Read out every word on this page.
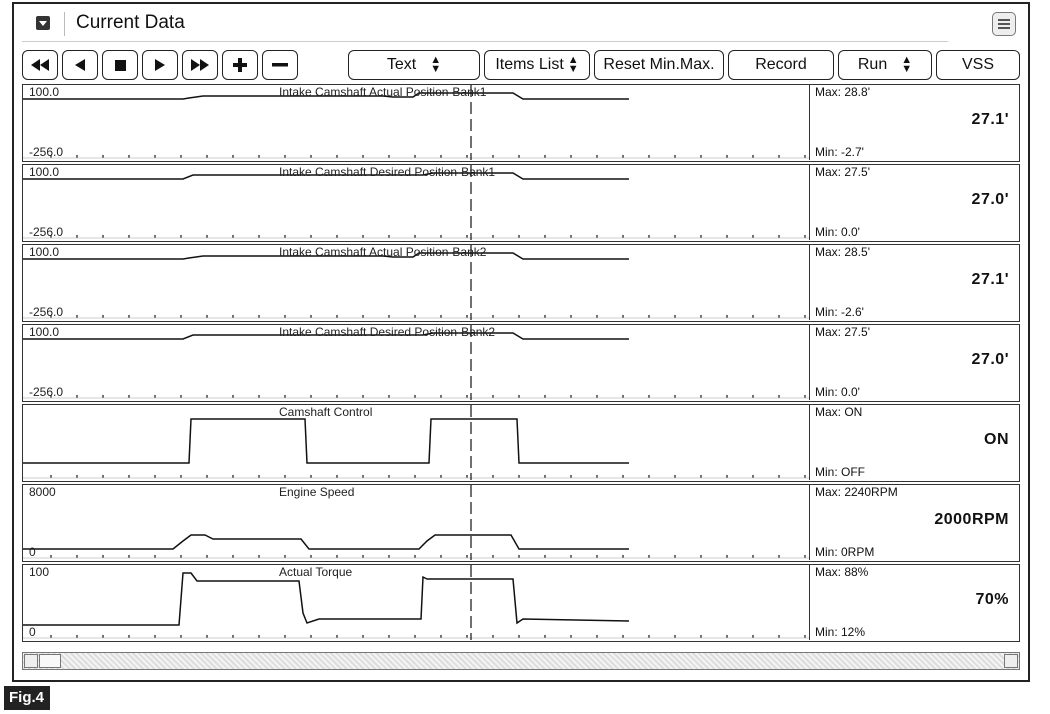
Current Data
Text ▲
▼	Items List ▲
▼ Reset Min.Max.	Record	Run ▲
▼	VSS
100.0
-256.0
Intake Camshaft Actual Position-Bank1	Max: 28.8'
27.1'
Min: -2.7'
100.0
-256.0
Intake Camshaft Desired Position-Bank1	Max: 27.5'
27.0'
Min: 0.0'
100.0
-256.0
Intake Camshaft Actual Position-Bank2	Max: 28.5'
27.1'
Min: -2.6'
100.0
-256.0
Intake Camshaft Desired Position-Bank2	Max: 27.5'
27.0'
Min: 0.0'
Camshaft Control	Max: ON
ON
Min: OFF
8000
0
Engine Speed	Max: 2240RPM
2000RPM
Min: 0RPM
100
0
Actual Torque	Max: 88%
70%
Min: 12%
Fig.4
